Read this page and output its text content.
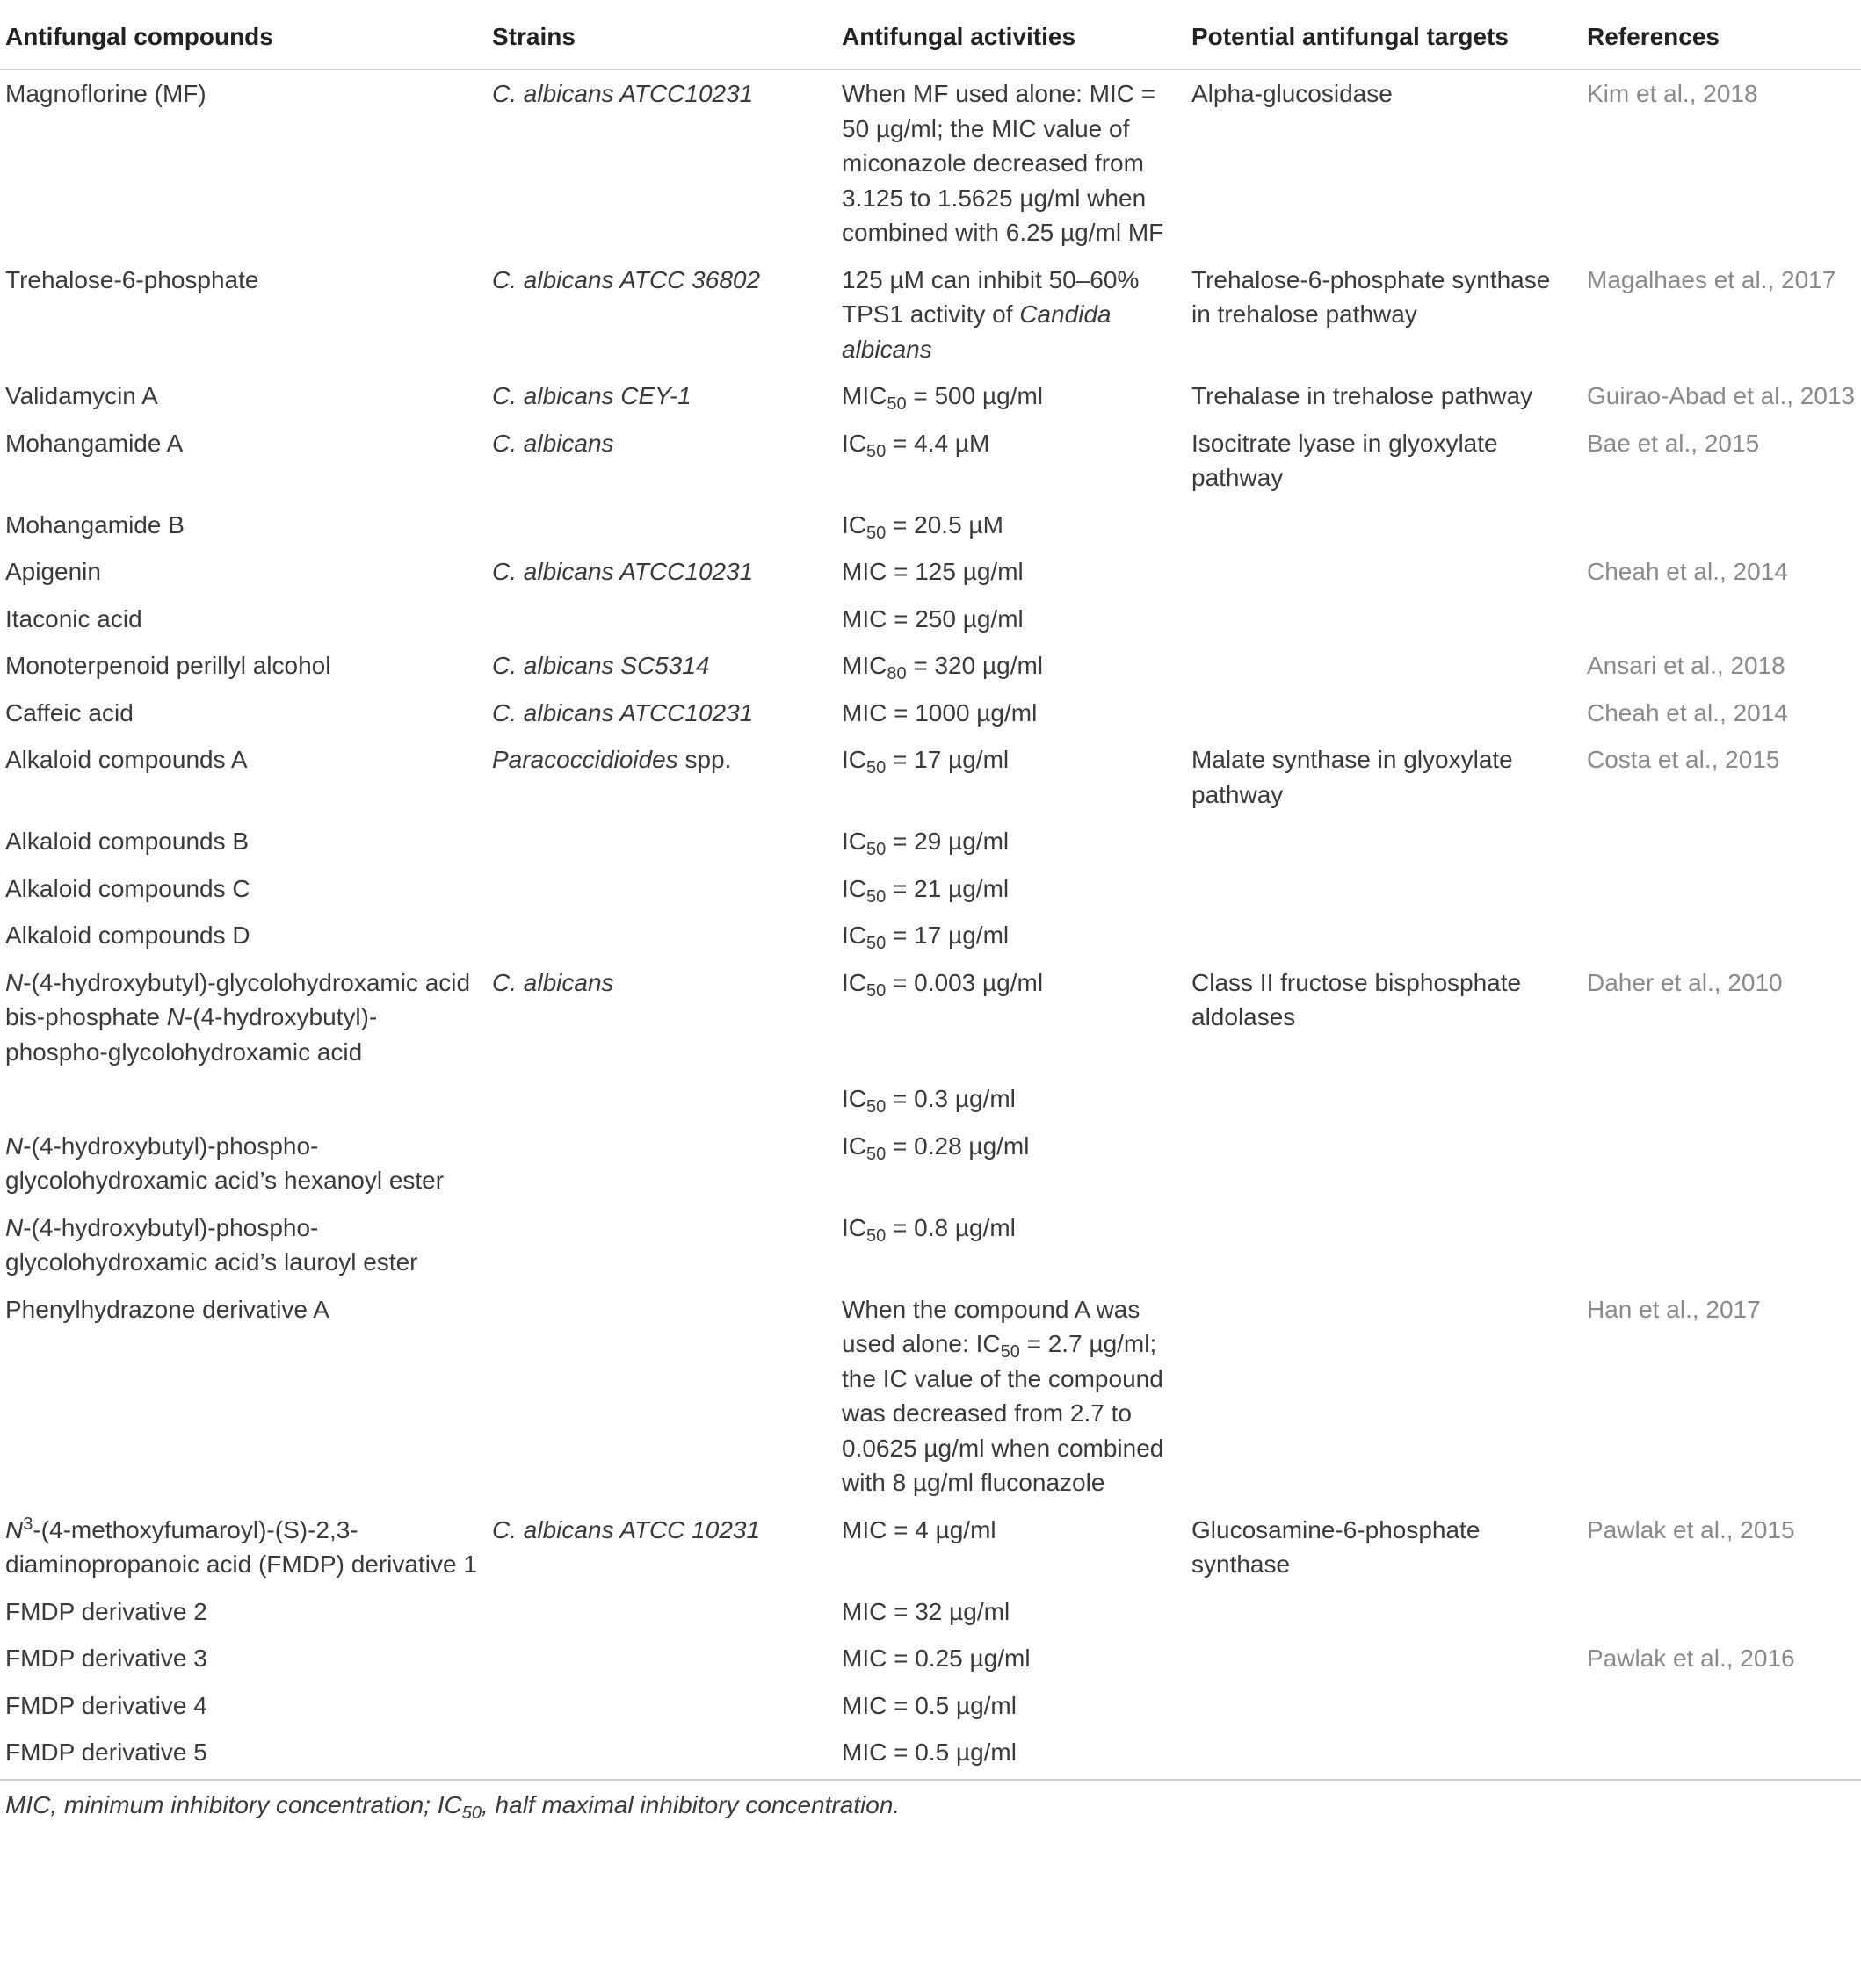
Antifungal compounds	Strains	Antifungal activities	Potential antifungal targets	References
Magnoflorine (MF)	C. albicans ATCC10231	When MF used alone: MIC = 50 µg/ml; the MIC value of miconazole decreased from 3.125 to 1.5625 µg/ml when combined with 6.25 µg/ml MF	Alpha-glucosidase	Kim et al., 2018
Trehalose-6-phosphate	C. albicans ATCC 36802	125 µM can inhibit 50–60% TPS1 activity of Candida albicans	Trehalose-6-phosphate synthase in trehalose pathway	Magalhaes et al., 2017
Validamycin A	C. albicans CEY-1	$MIC_{50} = 500$ µg/ml	Trehalase in trehalose pathway	Guirao-Abad et al., 2013
Mohangamide A	C. albicans	$IC_{50} = 4.4$ µM	Isocitrate lyase in glyoxylate pathway	Bae et al., 2015
Mohangamide B		$IC_{50} = 20.5$ µM		
Apigenin	C. albicans ATCC10231	MIC = 125 µg/ml		Cheah et al., 2014
Itaconic acid		MIC = 250 µg/ml		
Monoterpenoid perillyl alcohol	C. albicans SC5314	$MIC_{80} = 320$ µg/ml		Ansari et al., 2018
Caffeic acid	C. albicans ATCC10231	MIC = 1000 µg/ml		Cheah et al., 2014
Alkaloid compounds A	Paracoccidioides spp.	$IC_{50} = 17$ µg/ml	Malate synthase in glyoxylate pathway	Costa et al., 2015
Alkaloid compounds B		$IC_{50} = 29$ µg/ml		
Alkaloid compounds C		$IC_{50} = 21$ µg/ml		
Alkaloid compounds D		$IC_{50} = 17$ µg/ml		
N-(4-hydroxybutyl)-glycolohydroxamic acid bis-phosphate N-(4-hydroxybutyl)-phospho-glycolohydroxamic acid	C. albicans	$IC_{50} = 0.003$ µg/ml	Class II fructose bisphosphate aldolases	Daher et al., 2010
		$IC_{50} = 0.3$ µg/ml		
N-(4-hydroxybutyl)-phospho-glycolohydroxamic acid’s hexanoyl ester		$IC_{50} = 0.28$ µg/ml		
N-(4-hydroxybutyl)-phospho-glycolohydroxamic acid’s lauroyl ester		$IC_{50} = 0.8$ µg/ml		
Phenylhydrazone derivative A		When the compound A was used alone: $IC_{50} = 2.7$ µg/ml; the IC value of the compound was decreased from 2.7 to 0.0625 µg/ml when combined with 8 µg/ml fluconazole		Han et al., 2017
$N^3-(4-methoxyfumaroyl)-(S)-2,3$-diaminopropanoic acid (FMDP) derivative 1	C. albicans ATCC 10231	MIC = 4 µg/ml	Glucosamine-6-phosphate synthase	Pawlak et al., 2015
FMDP derivative 2		MIC = 32 µg/ml		
FMDP derivative 3		MIC = 0.25 µg/ml		Pawlak et al., 2016
FMDP derivative 4		MIC = 0.5 µg/ml		
FMDP derivative 5		MIC = 0.5 µg/ml		
MIC, minimum inhibitory concentration; $IC_{50}$, half maximal inhibitory concentration.
